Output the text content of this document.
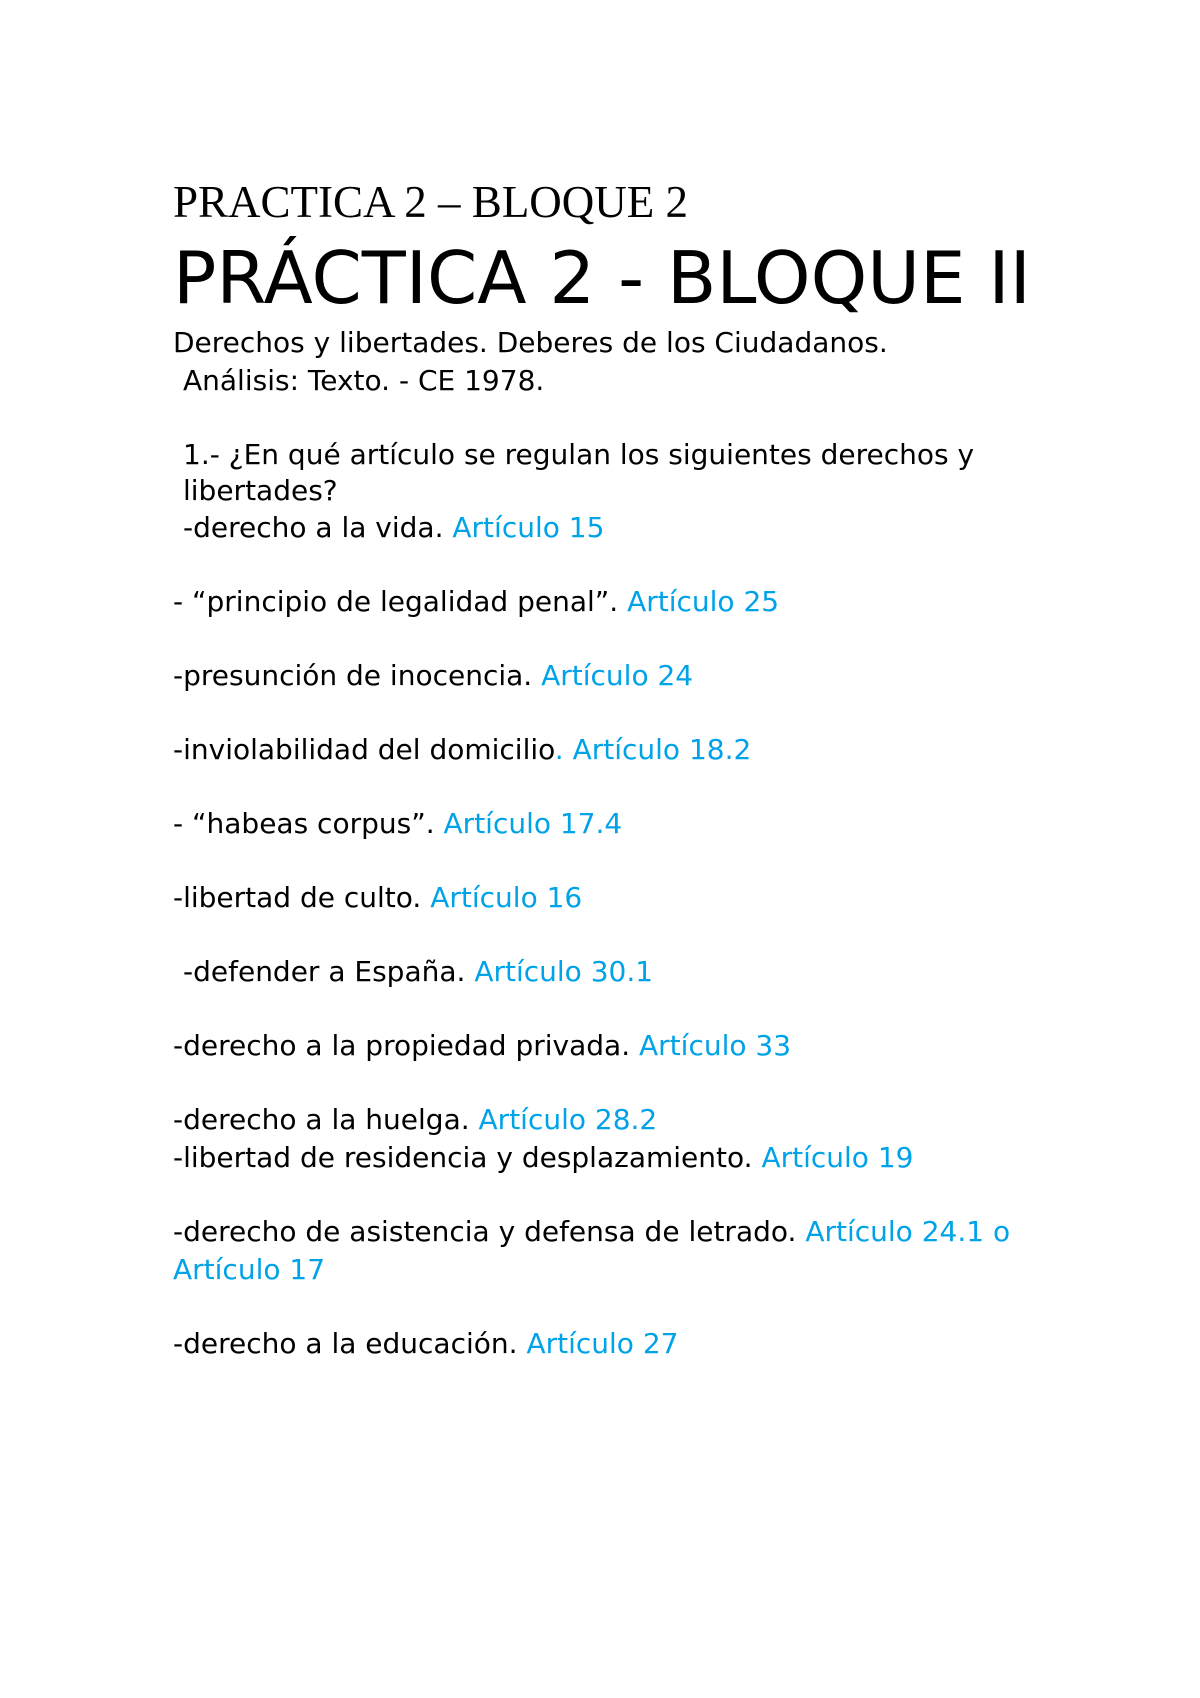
PRACTICA 2 – BLOQUE 2

PRÁCTICA 2 - BLOQUE II

Derechos y libertades. Deberes de los Ciudadanos.

Análisis: Texto. - CE 1978.

1.- ¿En qué artículo se regulan los siguientes derechos y libertades?

-derecho a la vida. Artículo 15

- “principio de legalidad penal”. Artículo 25

-presunción de inocencia. Artículo 24

-inviolabilidad del domicilio. Artículo 18.2

- “habeas corpus”. Artículo 17.4

-libertad de culto. Artículo 16

-defender a España. Artículo 30.1

-derecho a la propiedad privada. Artículo 33

-derecho a la huelga. Artículo 28.2

-libertad de residencia y desplazamiento. Artículo 19

-derecho de asistencia y defensa de letrado. Artículo 24.1 o Artículo 17

-derecho a la educación. Artículo 27
